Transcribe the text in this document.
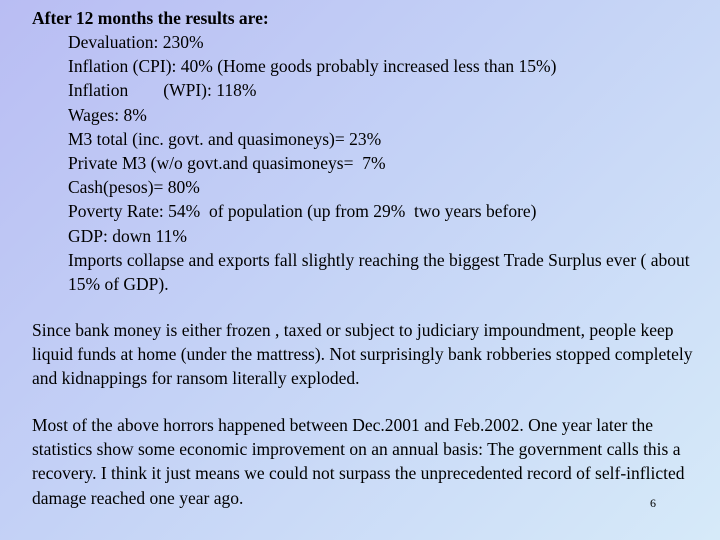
After 12 months the results are:
Devaluation: 230%
Inflation (CPI): 40% (Home goods probably increased less than 15%)
Inflation        (WPI): 118%
Wages: 8%
M3 total (inc. govt. and quasimoneys)= 23%
Private M3 (w/o govt.and quasimoneys=  7%
Cash(pesos)= 80%
Poverty Rate: 54%  of population (up from 29%  two years before)
GDP: down 11%
Imports collapse and exports fall slightly reaching the biggest Trade Surplus ever ( about 15% of GDP).

Since bank money is either frozen , taxed or subject to judiciary impoundment, people keep liquid funds at home (under the mattress). Not surprisingly bank robberies stopped completely and kidnappings for ransom literally exploded.

Most of the above horrors happened between Dec.2001 and Feb.2002. One year later the statistics show some economic improvement on an annual basis: The government calls this a recovery. I think it just means we could not surpass the unprecedented record of self-inflicted damage reached one year ago.	6
